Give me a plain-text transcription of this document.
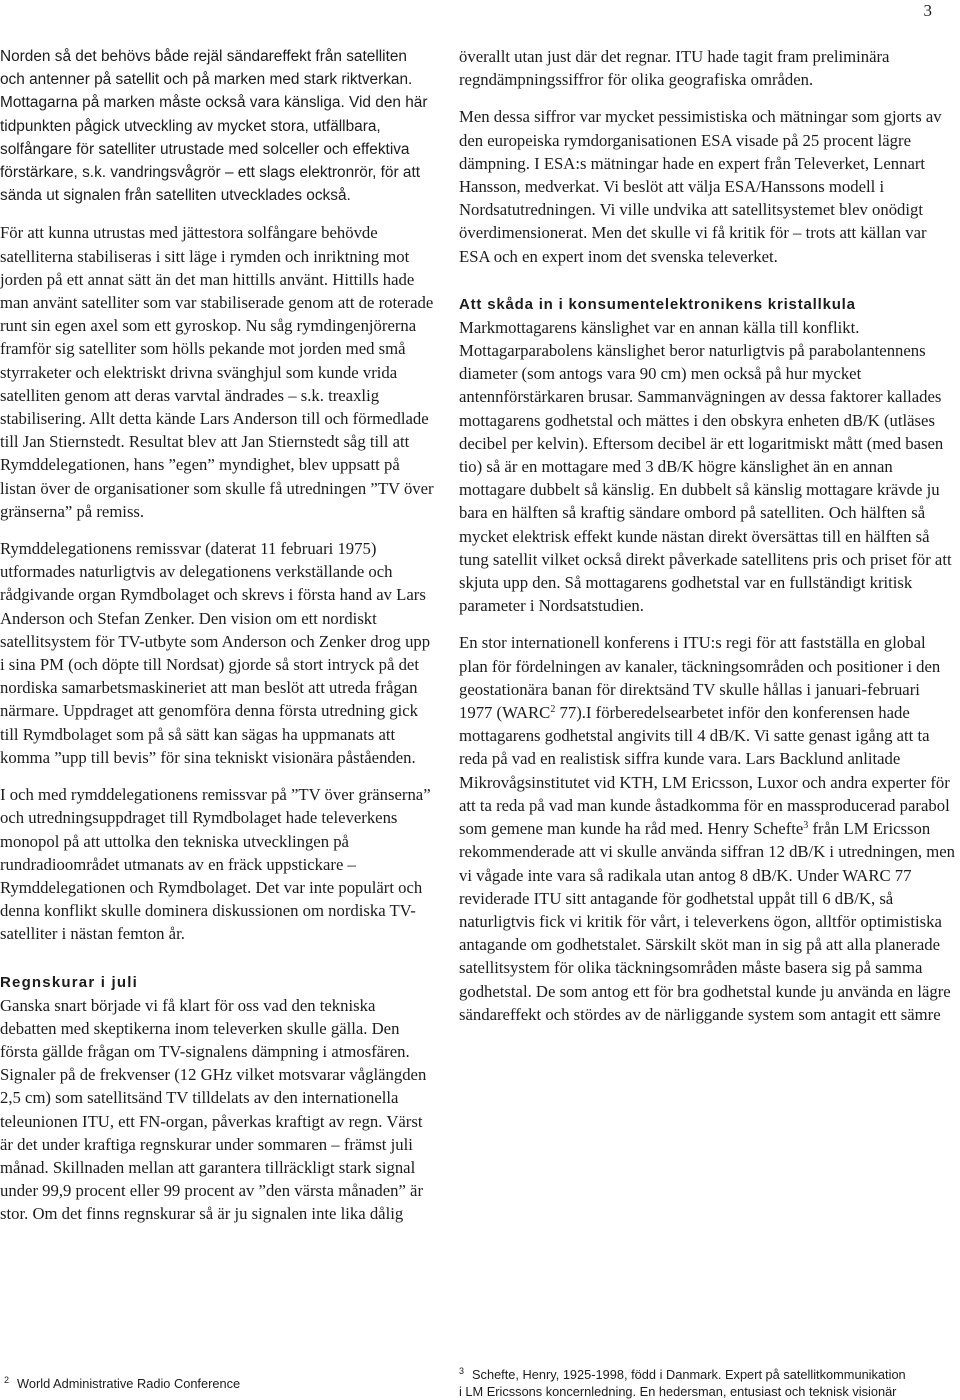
3

Norden så det behövs både rejäl sändareffekt från satelliten och antenner på satellit och på marken med stark riktverkan. Mottagarna på marken måste också vara känsliga. Vid den här tidpunkten pågick utveckling av mycket stora, utfällbara, solfångare för satelliter utrustade med solceller och effektiva förstärkare, s.k. vandringsvågrör – ett slags elektronrör, för att sända ut signalen från satelliten utvecklades också.

För att kunna utrustas med jättestora solfångare behövde satelliterna stabiliseras i sitt läge i rymden och inriktning mot jorden på ett annat sätt än det man hittills använt. Hittills hade man använt satelliter som var stabiliserade genom att de roterade runt sin egen axel som ett gyroskop. Nu såg rymdingenjörerna framför sig satelliter som hölls pekande mot jorden med små styrraketer och elektriskt drivna svänghjul som kunde vrida satelliten genom att deras varvtal ändrades – s.k. treaxlig stabilisering. Allt detta kände Lars Anderson till och förmedlade till Jan Stiernstedt. Resultat blev att Jan Stiernstedt såg till att Rymddelegationen, hans ”egen” myndighet, blev uppsatt på listan över de organisationer som skulle få utredningen ”TV över gränserna” på remiss.

Rymddelegationens remissvar (daterat 11 februari 1975) utformades naturligtvis av delegationens verkställande och rådgivande organ Rymdbolaget och skrevs i första hand av Lars Anderson och Stefan Zenker. Den vision om ett nordiskt satellitsystem för TV-utbyte som Anderson och Zenker drog upp i sina PM (och döpte till Nordsat) gjorde så stort intryck på det nordiska samarbetsmaskineriet att man beslöt att utreda frågan närmare. Uppdraget att genomföra denna första utredning gick till Rymdbolaget som på så sätt kan sägas ha uppmanats att komma ”upp till bevis” för sina tekniskt visionära påståenden.

I och med rymddelegationens remissvar på ”TV över gränserna” och utredningsuppdraget till Rymdbolaget hade televerkens monopol på att uttolka den tekniska utvecklingen på rundradioområdet utmanats av en fräck uppstickare – Rymddelegationen och Rymdbolaget. Det var inte populärt och denna konflikt skulle dominera diskussionen om nordiska TV-satelliter i nästan femton år.

Regnskurar i juli

Ganska snart började vi få klart för oss vad den tekniska debatten med skeptikerna inom televerken skulle gälla. Den första gällde frågan om TV-signalens dämpning i atmosfären. Signaler på de frekvenser (12 GHz vilket motsvarar våglängden 2,5 cm) som satellitsänd TV tilldelats av den internationella teleunionen ITU, ett FN-organ, påverkas kraftigt av regn. Värst är det under kraftiga regnskurar under sommaren – främst juli månad. Skillnaden mellan att garantera tillräckligt stark signal under 99,9 procent eller 99 procent av ”den värsta månaden” är stor. Om det finns regnskurar så är ju signalen inte lika dålig

$^2$ World Administrative Radio Conference

överallt utan just där det regnar. ITU hade tagit fram preliminära regndämpningssiffror för olika geografiska områden.

Men dessa siffror var mycket pessimistiska och mätningar som gjorts av den europeiska rymdorganisationen ESA visade på 25 procent lägre dämpning. I ESA:s mätningar hade en expert från Televerket, Lennart Hansson, medverkat. Vi beslöt att välja ESA/Hanssons modell i Nordsatutredningen. Vi ville undvika att satellitsystemet blev onödigt överdimensionerat. Men det skulle vi få kritik för – trots att källan var ESA och en expert inom det svenska televerket.

Att skåda in i konsumentelektronikens kristallkula

Markmottagarens känslighet var en annan källa till konflikt. Mottagarparabolens känslighet beror naturligtvis på parabolantennens diameter (som antogs vara 90 cm) men också på hur mycket antennförstärkaren brusar. Sammanvägningen av dessa faktorer kallades mottagarens godhetstal och mättes i den obskyra enheten dB/K (utläses decibel per kelvin). Eftersom decibel är ett logaritmiskt mått (med basen tio) så är en mottagare med 3 dB/K högre känslighet än en annan mottagare dubbelt så känslig. En dubbelt så känslig mottagare krävde ju bara en hälften så kraftig sändare ombord på satelliten. Och hälften så mycket elektrisk effekt kunde nästan direkt översättas till en hälften så tung satellit vilket också direkt påverkade satellitens pris och priset för att skjuta upp den. Så mottagarens godhetstal var en fullständigt kritisk parameter i Nordsatstudien.

En stor internationell konferens i ITU:s regi för att fastställa en global plan för fördelningen av kanaler, täckningsområden och positioner i den geostationära banan för direktsänd TV skulle hållas i januari-februari 1977 (WARC$^2$ 77).I förberedelsearbetet inför den konferensen hade mottagarens godhetstal angivits till 4 dB/K. Vi satte genast igång att ta reda på vad en realistisk siffra kunde vara. Lars Backlund anlitade Mikrovågsinstitutet vid KTH, LM Ericsson, Luxor och andra experter för att ta reda på vad man kunde åstadkomma för en massproducerad parabol som gemene man kunde ha råd med. Henry Schefte$^3$ från LM Ericsson rekommenderade att vi skulle använda siffran 12 dB/K i utredningen, men vi vågade inte vara så radikala utan antog 8 dB/K. Under WARC 77 reviderade ITU sitt antagande för godhetstal uppåt till 6 dB/K, så naturligtvis fick vi kritik för vårt, i televerkens ögon, alltför optimistiska antagande om godhetstalet. Särskilt sköt man in sig på att alla planerade satellitsystem för olika täckningsområden måste basera sig på samma godhetstal. De som antog ett för bra godhetstal kunde ju använda en lägre sändareffekt och stördes av de närliggande system som antagit ett sämre

$^3$ Schefte, Henry, 1925-1998, född i Danmark. Expert på satellitkommunikation
i LM Ericssons koncernledning. En hedersman, entusiast och teknisk visionär
